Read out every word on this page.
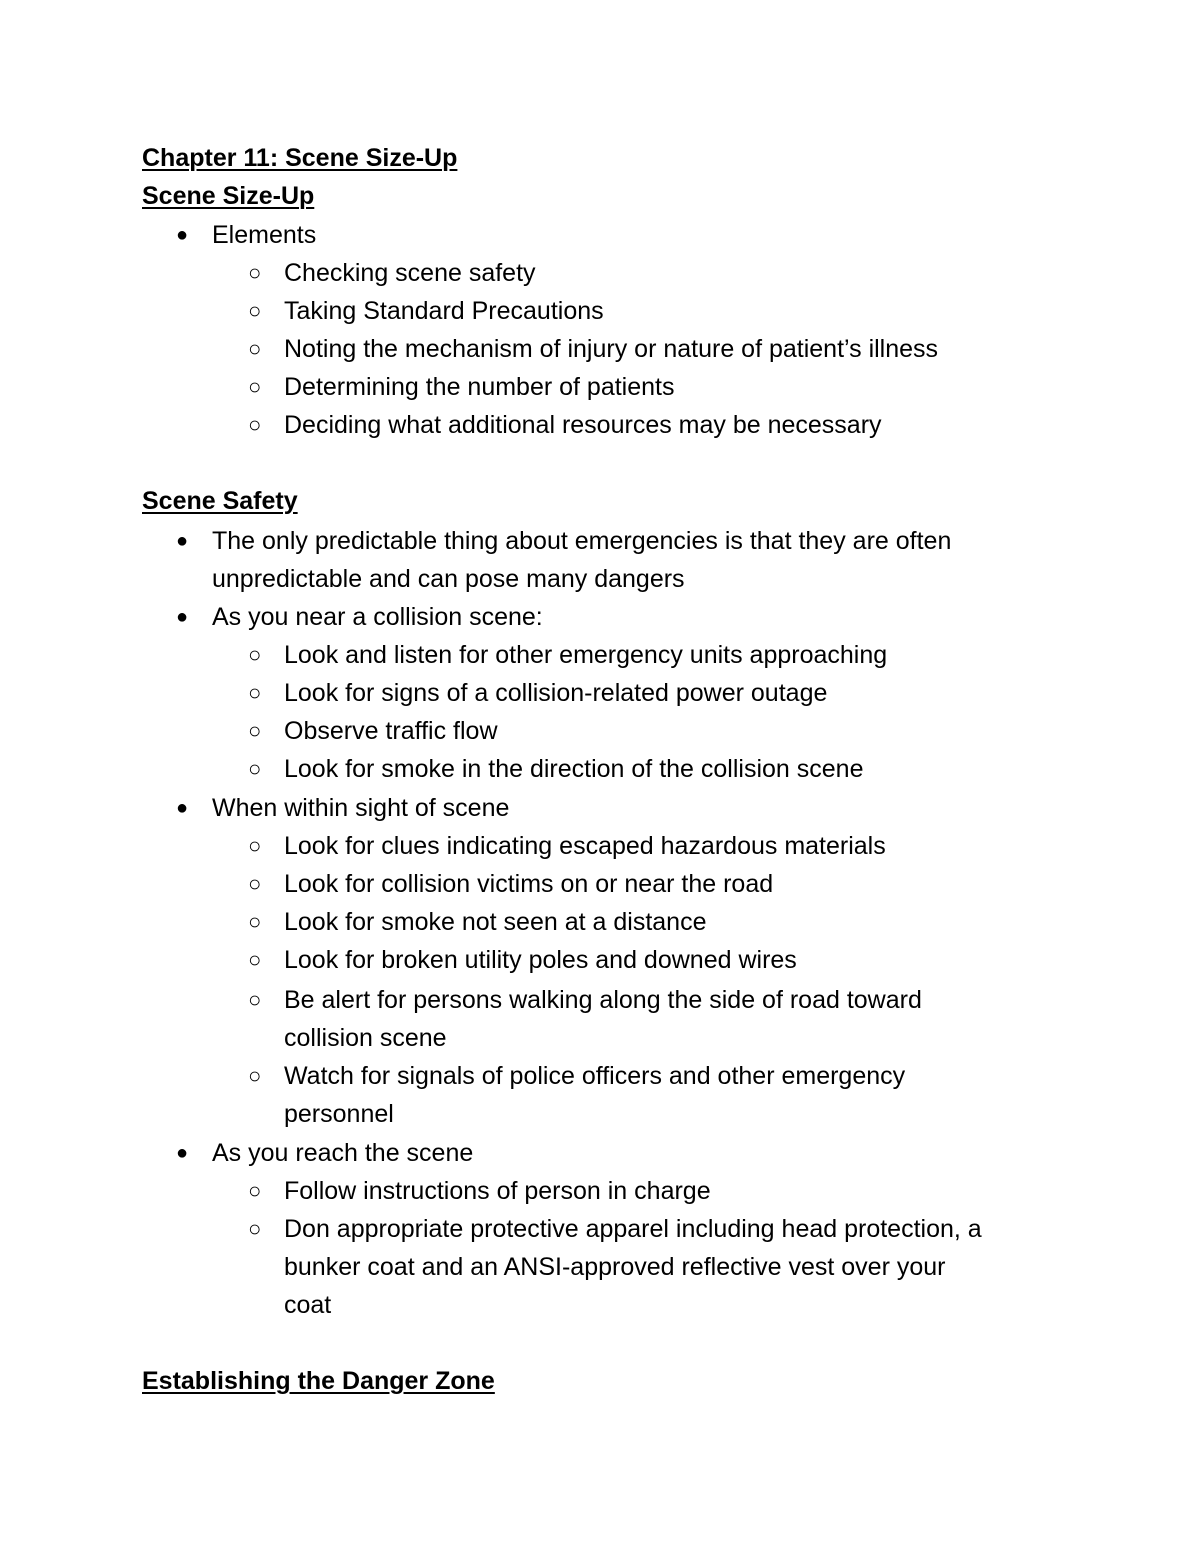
Chapter 11: Scene Size-Up
Scene Size-Up
● Elements
○ Checking scene safety
○ Taking Standard Precautions
○ Noting the mechanism of injury or nature of patient’s illness
○ Determining the number of patients
○ Deciding what additional resources may be necessary
Scene Safety
● The only predictable thing about emergencies is that they are often
unpredictable and can pose many dangers
● As you near a collision scene:
○ Look and listen for other emergency units approaching
○ Look for signs of a collision-related power outage
○ Observe traffic flow
○ Look for smoke in the direction of the collision scene
● When within sight of scene
○ Look for clues indicating escaped hazardous materials
○ Look for collision victims on or near the road
○ Look for smoke not seen at a distance
○ Look for broken utility poles and downed wires
○ Be alert for persons walking along the side of road toward
collision scene
○ Watch for signals of police officers and other emergency
personnel
● As you reach the scene
○ Follow instructions of person in charge
○ Don appropriate protective apparel including head protection, a
bunker coat and an ANSI-approved reflective vest over your
coat
Establishing the Danger Zone
